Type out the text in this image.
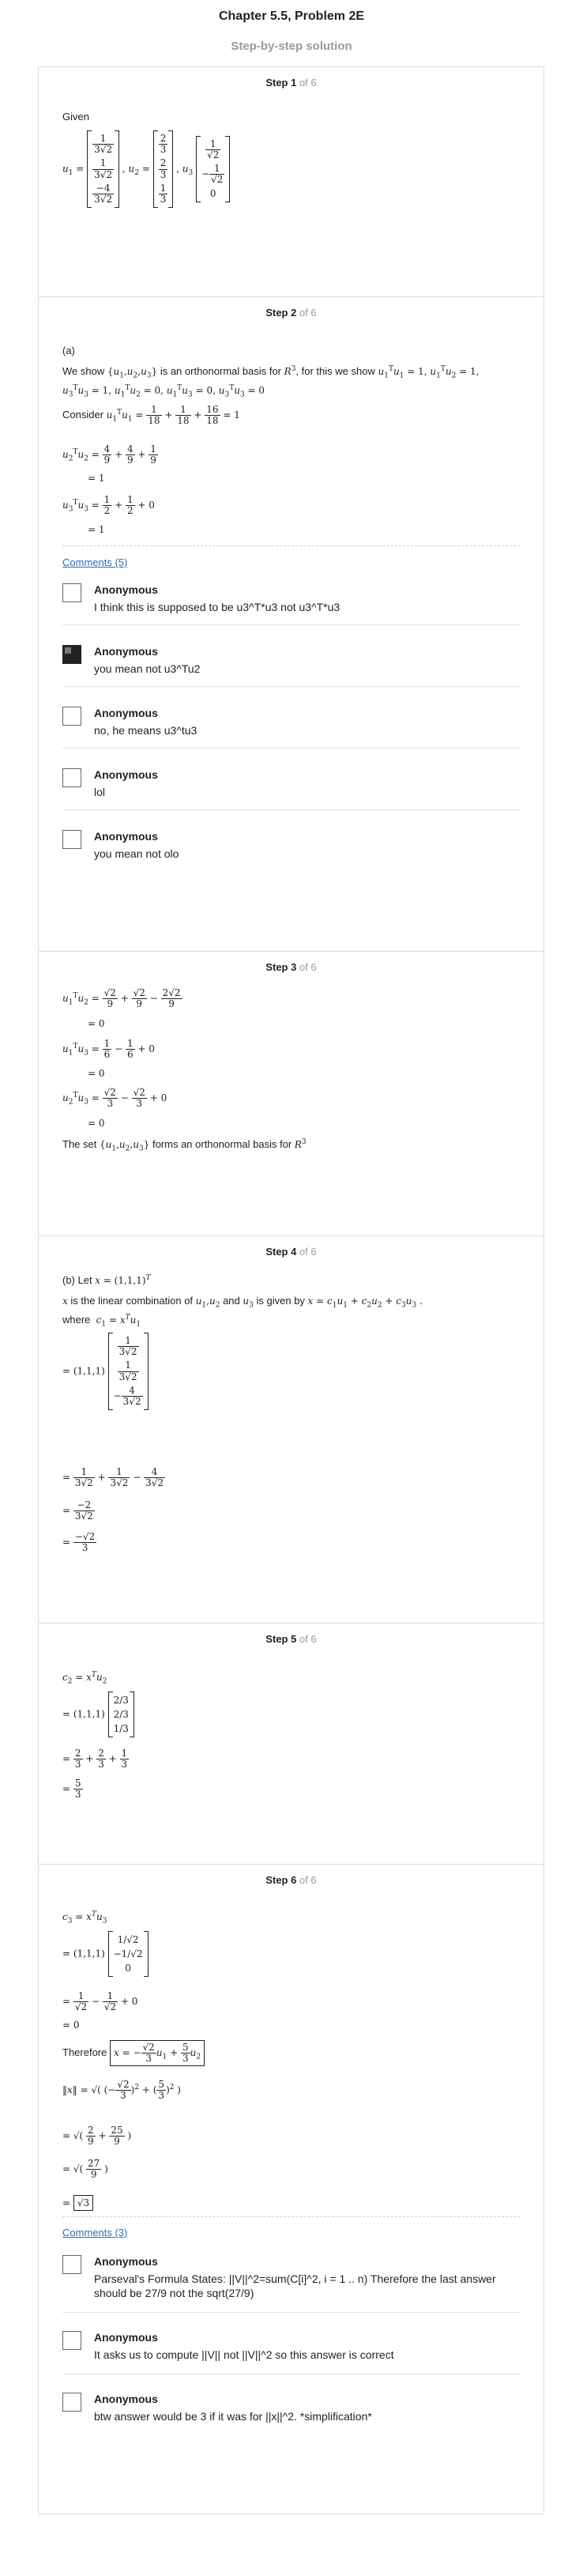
Chapter 5.5, Problem 2E
Step-by-step solution
Step 1 of 6
Given
$u_1$ =
$\frac{1}{3√2}$
$\frac{1}{3√2}$
$\frac{-4}{3√2}$
, $u_2$ =
$\frac{2}{3}$
$\frac{2}{3}$
$\frac{1}{3}$
, $u_3$
$\frac{1}{√2}$
− $\frac{1}{√2}$
0
Step 2 of 6
(a)
We show $\{u_1,u_2,u_3\}$ is an orthonormal basis for $R^3$, for this we show $u_1^Tu_1 = 1$, $u_1^Tu_2 = 1$,
$u_3^Tu_3 = 1$, $u_1^Tu_2 = 0$, $u_1^Tu_3 = 0$, $u_3^Tu_3 = 0$
Consider $u_1^Tu_1 = \frac{1}{18} + \frac{1}{18} + \frac{16}{18} = 1$
$u_2^Tu_2 = \frac{4}{9} + \frac{4}{9} + \frac{1}{9}$
= 1
$u_3^Tu_3 = \frac{1}{2} + \frac{1}{2} + 0$
= 1
Comments (5)
Anonymous
I think this is supposed to be u3^T*u3 not u3^T*u3
Anonymous
you mean not u3^Tu2
Anonymous
no, he means u3^tu3
Anonymous
lol
Anonymous
you mean not olo
Step 3 of 6
$u_1^Tu_2 = \frac{√2}{9} + \frac{√2}{9} - \frac{2√2}{9}$
= 0
$u_1^Tu_3 = \frac{1}{6} - \frac{1}{6} + 0$
= 0
$u_2^Tu_3 = \frac{√2}{3} - \frac{√2}{3} + 0$
= 0
The set $\{u_1,u_2,u_3\}$ forms an orthonormal basis for $R^3$
Step 4 of 6
(b) Let $x = (1,1,1)^T$
x is the linear combination of $u_1,u_2$ and $u_3$ is given by $x = c_1u_1 + c_2u_2 + c_3u_3$ .
where $c_1 = x^Tu_1$
= (1,1,1)
$\frac{1}{3√2}$
$\frac{1}{3√2}$
− $\frac{4}{3√2}$
= $\frac{1}{3√2} + \frac{1}{3√2} - \frac{4}{3√2}$
= $\frac{-2}{3√2}$
= $\frac{-√2}{3}$
Step 5 of 6
$c_2 = x^Tu_2$
= (1,1,1)
2/3
2/3
1/3
= $\frac{2}{3} + \frac{2}{3} + \frac{1}{3}$
= $\frac{5}{3}$
Step 6 of 6
$c_3 = x^Tu_3$
= (1,1,1)
1/√2
−1/√2
0
= $\frac{1}{√2} - \frac{1}{√2} + 0$
= 0
Therefore x = − $\frac{√2}{3} u_1 + \frac{5}{3} u_2$
‖x‖ = √( (− $\frac{√2}{3} )^2$ + ( $\frac{5}{3} )^2$ )
= √( $\frac{2}{9} + \frac{25}{9}$ )
= √( $\frac{27}{9}$ )
= √3
Comments (3)
Anonymous
Parseval's Formula States: ||V||^2=sum(C[i]^2, i = 1 .. n) Therefore the last answer should be 27/9 not the sqrt(27/9)
Anonymous
It asks us to compute ||V|| not ||V||^2 so this answer is correct
Anonymous
btw answer would be 3 if it was for ||x||^2. *simplification*
